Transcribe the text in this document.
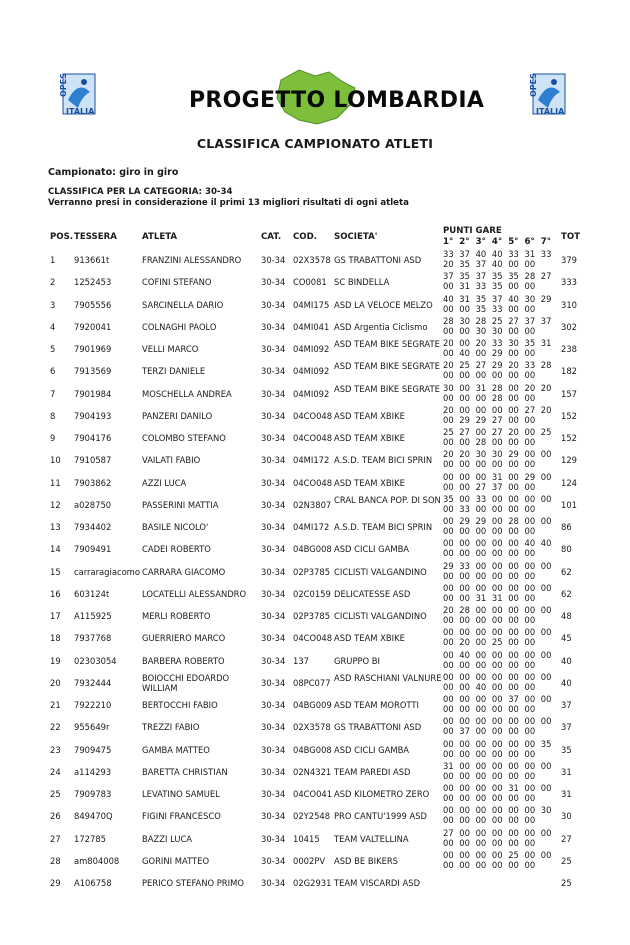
OPES
ITALIA
OPES
ITALIA
PROGETTO LOMBARDIA
CLASSIFICA CAMPIONATO ATLETI
Campionato: giro in giro
CLASSIFICA PER LA CATEGORIA: 30-34
Verranno presi in considerazione il primi 13 migliori risultati di ogni atleta
POS. TESSERA	ATLETA	CAT. COD. SOCIETA'
PUNTI GARE
1° 2° 3° 4° 5° 6° 7°	TOT
1 913661t	FRANZINI ALESSANDRO	30-34 02X3578 GS TRABATTONI ASD
33 37 40 40 33 31 33
20 35 37 40 00 00	379
2 1252453	COFINI STEFANO	30-34 CO0081 SC BINDELLA
37 35 37 35 35 28 27
00 31 33 35 00 00	333
3 7905556	SARCINELLA DARIO	30-34 04MI175 ASD LA VELOCE MELZO
40 31 35 37 40 30 29
00 00 35 33 00 00	310
4 7920041	COLNAGHI PAOLO	30-34 04MI041 ASD Argentia Ciclismo
28 30 28 25 27 37 37
00 00 30 30 00 00	302
5 7901969	VELLI MARCO	30-34 04MI092 ASD TEAM BIKE SEGRATE 20 00 20 33 30 35 31
00 40 00 29 00 00	238
6 7913569	TERZI DANIELE	30-34 04MI092 ASD TEAM BIKE SEGRATE 20 25 27 29 20 33 28
00 00 00 00 00 00	182
7 7901984	MOSCHELLA ANDREA	30-34 04MI092 ASD TEAM BIKE SEGRATE 30 00 31 28 00 20 20
00 00 00 28 00 00	157
8 7904193	PANZERI DANILO	30-34 04CO048 ASD TEAM XBIKE
20 00 00 00 00 27 20
00 29 29 27 00 00	152
9 7904176	COLOMBO STEFANO	30-34 04CO048 ASD TEAM XBIKE
25 27 00 27 20 00 25
00 00 28 00 00 00	152
10 7910587	VAILATI FABIO	30-34 04MI172 A.S.D. TEAM BICI SPRIN
20 20 30 30 29 00 00
00 00 00 00 00 00	129
11 7903862	AZZI LUCA	30-34 04CO048 ASD TEAM XBIKE
00 00 00 31 00 29 00
00 00 27 37 00 00	124
12 a028750	PASSERINI MATTIA	30-34 02N3807 CRAL BANCA POP. DI SON 35 00 33 00 00 00 00
00 33 00 00 00 00	101
13 7934402	BASILE NICOLO'	30-34 04MI172 A.S.D. TEAM BICI SPRIN
00 29 29 00 28 00 00
00 00 00 00 00 00	86
14 7909491	CADEI ROBERTO	30-34 04BG008 ASD CICLI GAMBA
00 00 00 00 00 40 40
00 00 00 00 00 00	80
15 carraragiacomo CARRARA GIACOMO	30-34 02P3785 CICLISTI VALGANDINO
29 33 00 00 00 00 00
00 00 00 00 00 00	62
16 603124t	LOCATELLI ALESSANDRO	30-34 02C0159 DELICATESSE ASD
00 00 00 00 00 00 00
00 00 31 31 00 00	62
17 A115925	MERLI ROBERTO	30-34 02P3785 CICLISTI VALGANDINO
20 28 00 00 00 00 00
00 00 00 00 00 00	48
18 7937768	GUERRIERO MARCO	30-34 04CO048 ASD TEAM XBIKE
00 00 00 00 00 00 00
00 20 00 25 00 00	45
19 02303054	BARBERA ROBERTO	30-34 137	GRUPPO BI
00 40 00 00 00 00 00
00 00 00 00 00 00	40
20 7932444	BOIOCCHI EDOARDO WILLIAM	30-34 08PC077 ASD RASCHIANI VALNURE 00 00 00 00 00 00 00
00 00 40 00 00 00	40
21 7922210	BERTOCCHI FABIO	30-34 04BG009 ASD TEAM MOROTTI
00 00 00 00 37 00 00
00 00 00 00 00 00	37
22 955649r	TREZZI FABIO	30-34 02X3578 GS TRABATTONI ASD
00 00 00 00 00 00 00
00 37 00 00 00 00	37
23 7909475	GAMBA MATTEO	30-34 04BG008 ASD CICLI GAMBA
00 00 00 00 00 00 35
00 00 00 00 00 00	35
24 a114293	BARETTA CHRISTIAN	30-34 02N4321 TEAM PAREDI ASD
31 00 00 00 00 00 00
00 00 00 00 00 00	31
25 7909783	LEVATINO SAMUEL	30-34 04CO041 ASD KILOMETRO ZERO
00 00 00 00 31 00 00
00 00 00 00 00 00	31
26 849470Q	FIGINI FRANCESCO	30-34 02Y2548 PRO CANTU'1999 ASD
00 00 00 00 00 00 30
00 00 00 00 00 00	30
27 172785	BAZZI LUCA	30-34 10415 TEAM VALTELLINA
27 00 00 00 00 00 00
00 00 00 00 00 00	27
28 am804008	GORINI MATTEO	30-34 0002PV ASD BE BIKERS
00 00 00 00 25 00 00
00 00 00 00 00 00	25
29 A106758	PERICO STEFANO PRIMO	30-34 02G2931 TEAM VISCARDI ASD	25
